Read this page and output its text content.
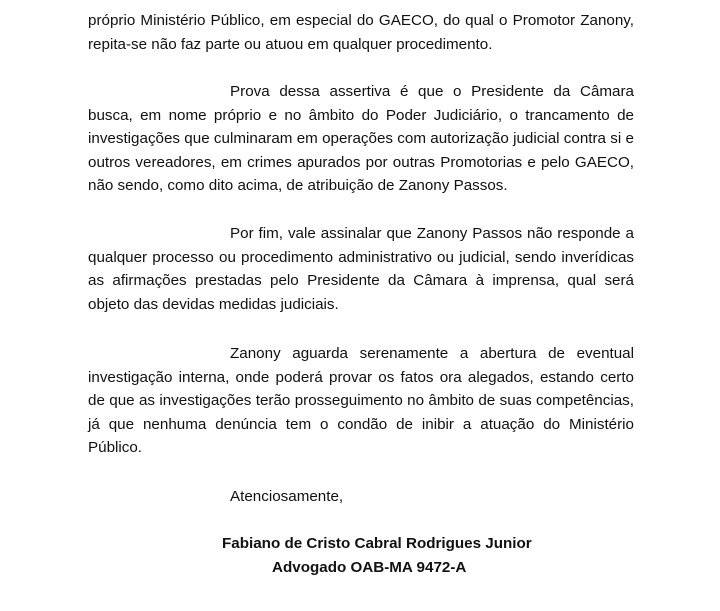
próprio Ministério Público, em especial do GAECO, do qual o Promotor Zanony, repita-se não faz parte ou atuou em qualquer procedimento.

Prova dessa assertiva é que o Presidente da Câmara busca, em nome próprio e no âmbito do Poder Judiciário, o trancamento de investigações que culminaram em operações com autorização judicial contra si e outros vereadores, em crimes apurados por outras Promotorias e pelo GAECO, não sendo, como dito acima, de atribuição de Zanony Passos.

Por fim, vale assinalar que Zanony Passos não responde a qualquer processo ou procedimento administrativo ou judicial, sendo inverídicas as afirmações prestadas pelo Presidente da Câmara à imprensa, qual será objeto das devidas medidas judiciais.

Zanony aguarda serenamente a abertura de eventual investigação interna, onde poderá provar os fatos ora alegados, estando certo de que as investigações terão prosseguimento no âmbito de suas competências, já que nenhuma denúncia tem o condão de inibir a atuação do Ministério Público.

Atenciosamente,

Fabiano de Cristo Cabral Rodrigues Junior

Advogado OAB-MA 9472-A
